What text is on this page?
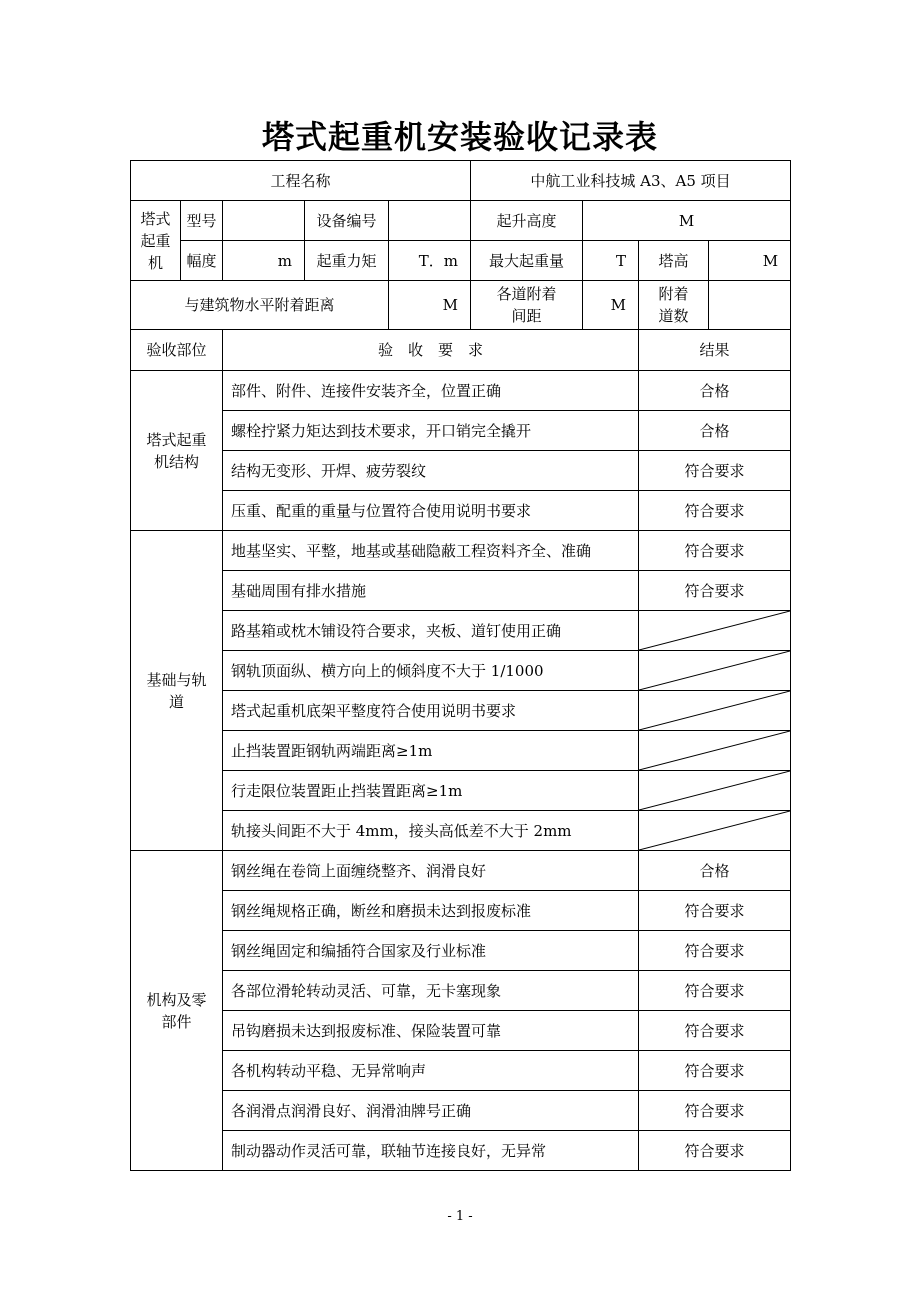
塔式起重机安装验收记录表
工程名称					中航工业科技城 A3、A5 项目			
塔式起重机	型号		设备编号		起升高度	M		
	幅度	m	起重力矩	T．m	最大起重量	T	塔高	M
与建筑物水平附着距离				M	各道附着间距	M	附着道数	
验收部位		验　收　要　求					结果	
塔式起重机结构		部件、附件、连接件安装齐全，位置正确					合格	
		螺栓拧紧力矩达到技术要求，开口销完全撬开					合格	
		结构无变形、开焊、疲劳裂纹					符合要求	
		压重、配重的重量与位置符合使用说明书要求					符合要求	
基础与轨道		地基坚实、平整，地基或基础隐蔽工程资料齐全、准确					符合要求	
		基础周围有排水措施					符合要求	
		路基箱或枕木铺设符合要求，夹板、道钉使用正确	

		钢轨顶面纵、横方向上的倾斜度不大于 1/1000	

		塔式起重机底架平整度符合使用说明书要求	

		止挡装置距钢轨两端距离≥1m	

		行走限位装置距止挡装置距离≥1m	

		轨接头间距不大于 4mm，接头高低差不大于 2mm	

机构及零部件		钢丝绳在卷筒上面缠绕整齐、润滑良好					合格	
		钢丝绳规格正确，断丝和磨损未达到报废标准					符合要求	
		钢丝绳固定和编插符合国家及行业标准					符合要求	
		各部位滑轮转动灵活、可靠，无卡塞现象					符合要求	
		吊钩磨损未达到报废标准、保险装置可靠					符合要求	
		各机构转动平稳、无异常响声					符合要求	
		各润滑点润滑良好、润滑油牌号正确					符合要求	
		制动器动作灵活可靠，联轴节连接良好，无异常					符合要求	
- 1 -
